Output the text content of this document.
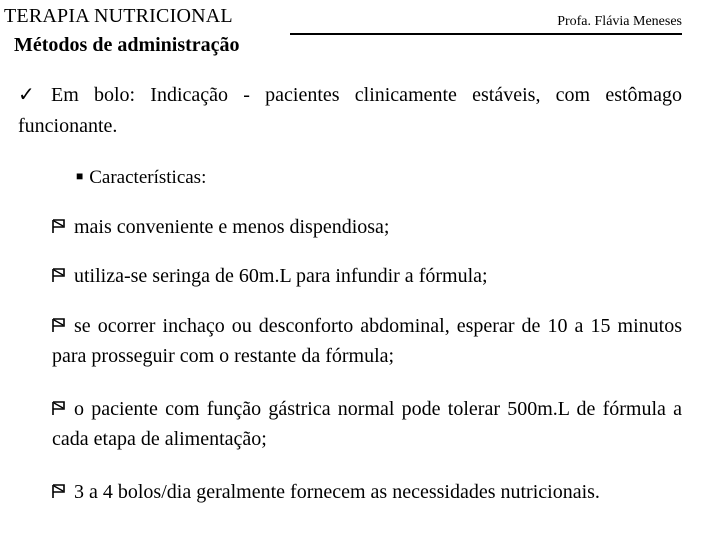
TERAPIA NUTRICIONAL
Métodos de administração
Profa. Flávia Meneses
✓ Em bolo: Indicação - pacientes clinicamente estáveis, com estômago funcionante.
■ Características:
mais conveniente e menos dispendiosa;
utiliza-se seringa de 60m.L para infundir a fórmula;
se ocorrer inchaço ou desconforto abdominal, esperar de 10 a 15 minutos para prosseguir com o restante da fórmula;
o paciente com função gástrica normal pode tolerar 500m.L de fórmula a cada etapa de alimentação;
3 a 4 bolos/dia geralmente fornecem as necessidades nutricionais.
